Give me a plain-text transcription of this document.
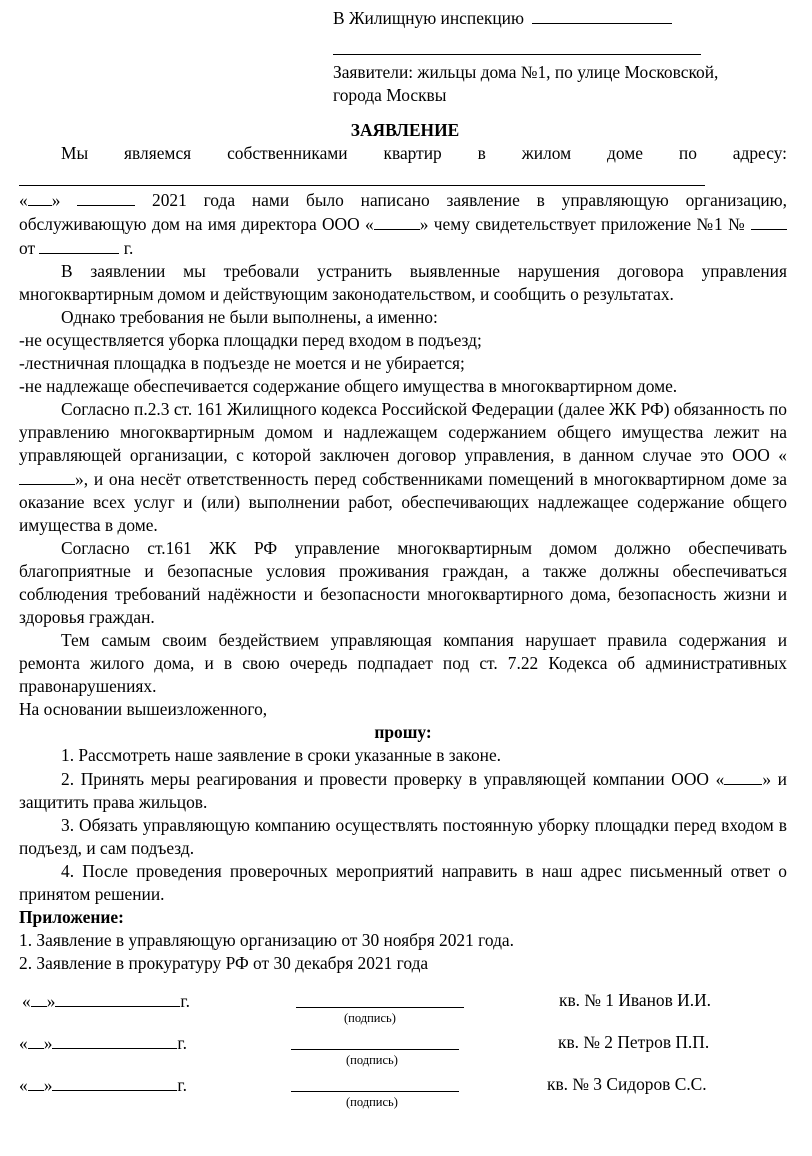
В Жилищную инспекцию
Заявители: жильцы дома №1, по улице Московской,
города Москвы
ЗАЯВЛЕНИЕ

Мы являемся собственниками квартир в жилом доме по адресу:

« »	2021 года нами было написано заявление в управляющую организацию, обслуживающую дом на имя директора ООО «	» чему свидетельствует приложение №1 №  от	г.

В заявлении мы требовали устранить выявленные нарушения договора управления многоквартирным домом и действующим законодательством, и сообщить о результатах.

Однако требования не были выполнены, а именно:

-не осуществляется уборка площадки перед входом в подъезд;

-лестничная площадка в подъезде не моется и не убирается;

-не надлежаще обеспечивается содержание общего имущества в многоквартирном доме.

Согласно п.2.3 ст. 161 Жилищного кодекса Российской Федерации (далее ЖК РФ) обязанность по управлению многоквартирным домом и надлежащем содержанием общего имущества лежит на управляющей организации, с которой заключен договор управления, в данном случае это ООО «», и она несёт ответственность перед собственниками помещений в многоквартирном доме за оказание всех услуг и (или) выполнении работ, обеспечивающих надлежащее содержание общего имущества в доме.

Согласно ст.161 ЖК РФ управление многоквартирным домом должно обеспечивать благоприятные и безопасные условия проживания граждан, а также должны обеспечиваться соблюдения требований надёжности и безопасности многоквартирного дома, безопасность жизни и здоровья граждан.

Тем самым своим бездействием управляющая компания нарушает правила содержания и ремонта жилого дома, и в свою очередь подпадает под ст. 7.22 Кодекса об административных правонарушениях.

На основании вышеизложенного,

прошу:

1. Рассмотреть наше заявление в сроки указанные в законе.

2. Принять меры реагирования и провести проверку в управляющей компании ООО « » и защитить права жильцов.

3. Обязать управляющую компанию осуществлять постоянную уборку площадки перед входом в подъезд, и сам подъезд.

4. После проведения проверочных мероприятий направить в наш адрес письменный ответ о принятом решении.

Приложение:

1. Заявление в управляющую организацию от 30 ноября 2021 года.

2. Заявление в прокуратуру РФ от 30 декабря 2021 года

« »	г.
(подпись)
кв. № 1 Иванов И.И.
« »	г.
(подпись)
кв. № 2 Петров П.П.
« »	г.
(подпись)
кв. № 3 Сидоров С.С.
